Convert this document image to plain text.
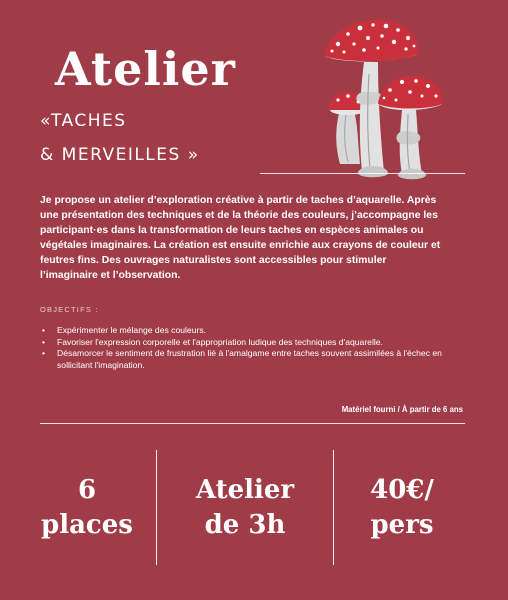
Atelier
«TACHES
& MERVEILLES »

Je propose un atelier d’exploration créative à partir de taches d’aquarelle. Après une présentation des techniques et de la théorie des couleurs, j’accompagne les participant·es dans la transformation de leurs taches en espèces animales ou végétales imaginaires. La création est ensuite enrichie aux crayons de couleur et feutres fins. Des ouvrages naturalistes sont accessibles pour stimuler l’imaginaire et l’observation.

OBJECTIFS :
• Expérimenter le mélange des couleurs.
• Favoriser l'expression corporelle et l'appropriation ludique des techniques d'aquarelle.
• Désamorcer le sentiment de frustration lié à l'amalgame entre taches souvent assimilées à l'échec en sollicitant l'imagination.
Matériel fourni / À partir de 6 ans
6
places
Atelier
de 3h
40€/
pers
